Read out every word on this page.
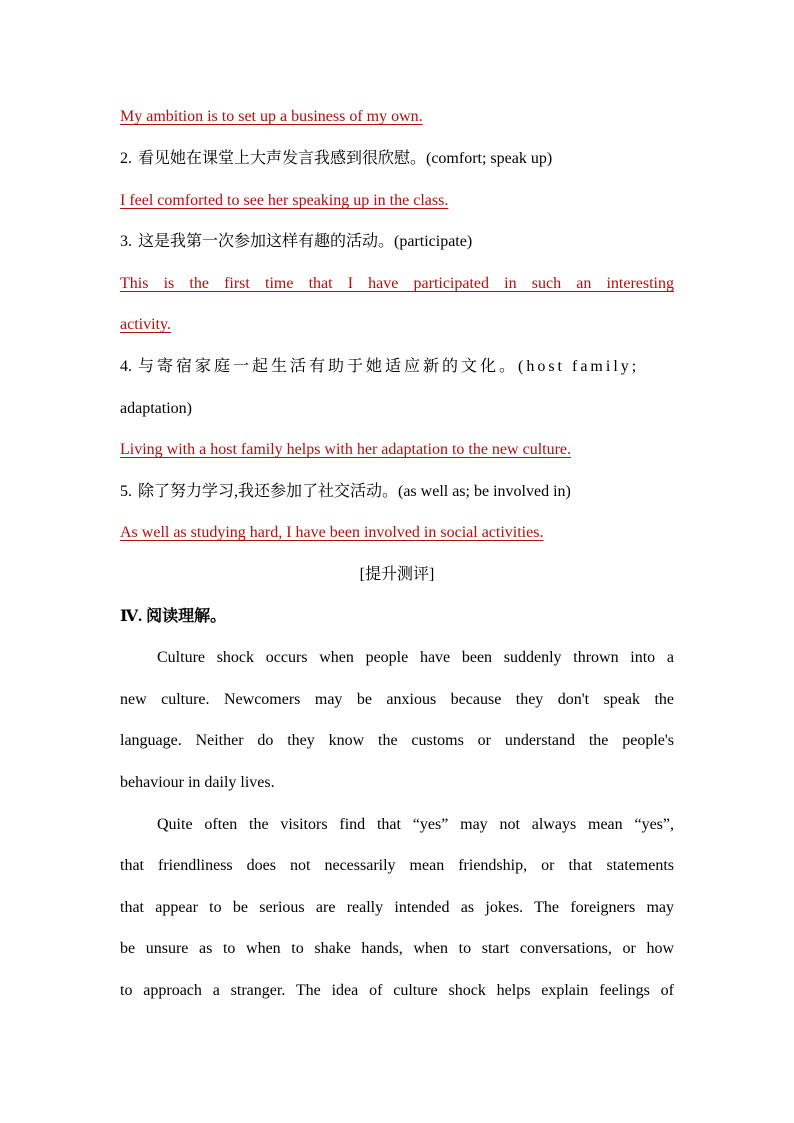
My ambition is to set up a business of my own.
2. 看见她在课堂上大声发言我感到很欣慰。(comfort; speak up)
I feel comforted to see her speaking up in the class.
3. 这是我第一次参加这样有趣的活动。(participate)
This is the first time that I have participated in such an interesting
activity.
4. 与寄宿家庭一起生活有助于她适应新的文化。(host family;
adaptation)
Living with a host family helps with her adaptation to the new culture.
5. 除了努力学习,我还参加了社交活动。(as well as; be involved in)
As well as studying hard, I have been involved in social activities.
[提升测评]
Ⅳ. 阅读理解。
Culture shock occurs when people have been suddenly thrown into a
new culture. Newcomers may be anxious because they don't speak the
language. Neither do they know the customs or understand the people's
behaviour in daily lives.
Quite often the visitors find that “yes” may not always mean “yes”,
that friendliness does not necessarily mean friendship, or that statements
that appear to be serious are really intended as jokes. The foreigners may
be unsure as to when to shake hands, when to start conversations, or how
to approach a stranger. The idea of culture shock helps explain feelings of
